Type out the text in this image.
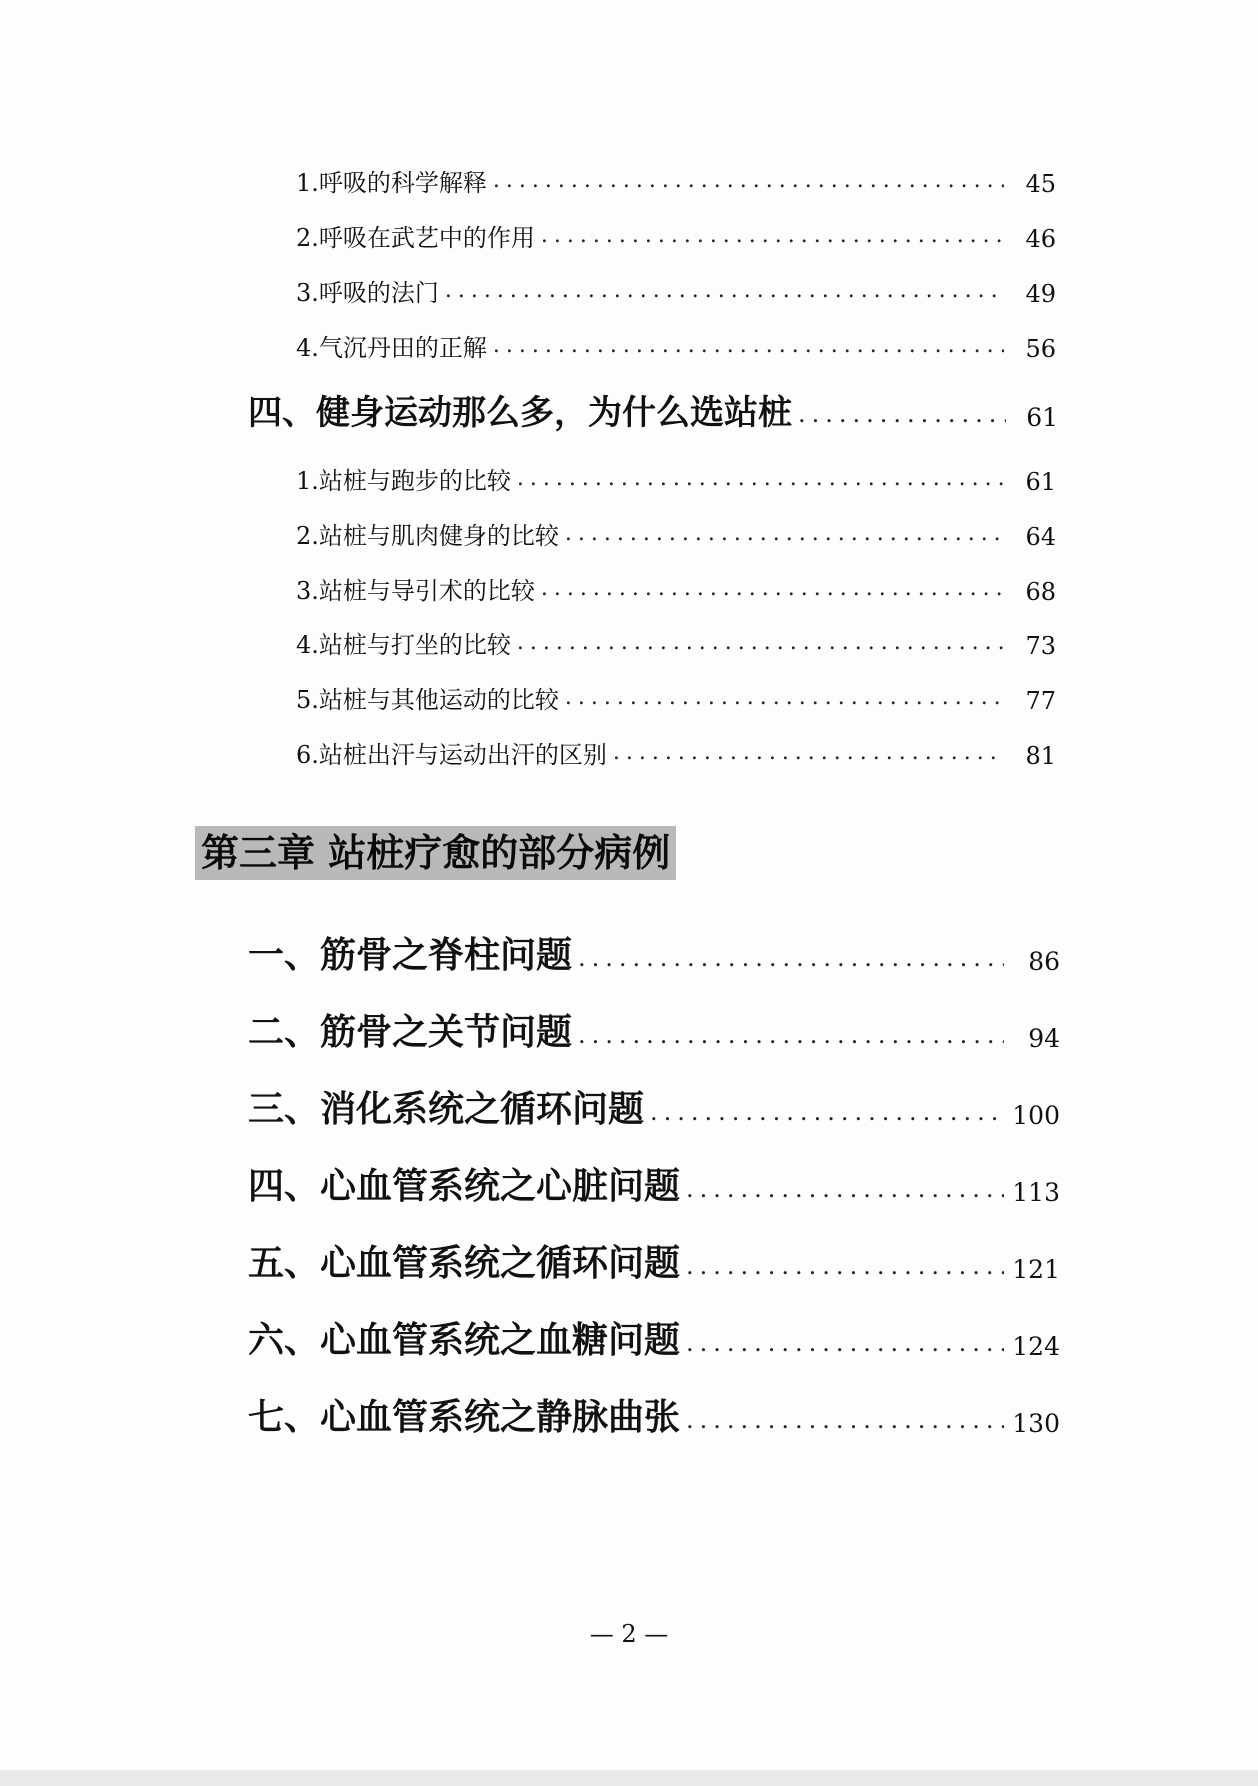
1.呼吸的科学解释 .....	45
2.呼吸在武艺中的作用 .....	46
3.呼吸的法门 .....	49
4.气沉丹田的正解 .....	56
四、健身运动那么多，为什么选站桩 .....	61
1.站桩与跑步的比较 .....	61
2.站桩与肌肉健身的比较 .....	64
3.站桩与导引术的比较 .....	68
4.站桩与打坐的比较 .....	73
5.站桩与其他运动的比较 .....	77
6.站桩出汗与运动出汗的区别 .....	81
第三章 站桩疗愈的部分病例
一、筋骨之脊柱问题 .....	86
二、筋骨之关节问题 .....	94
三、消化系统之循环问题 .....	100
四、心血管系统之心脏问题 .....	113
五、心血管系统之循环问题 .....	121
六、心血管系统之血糖问题 .....	124
七、心血管系统之静脉曲张 .....	130
— 2 —
